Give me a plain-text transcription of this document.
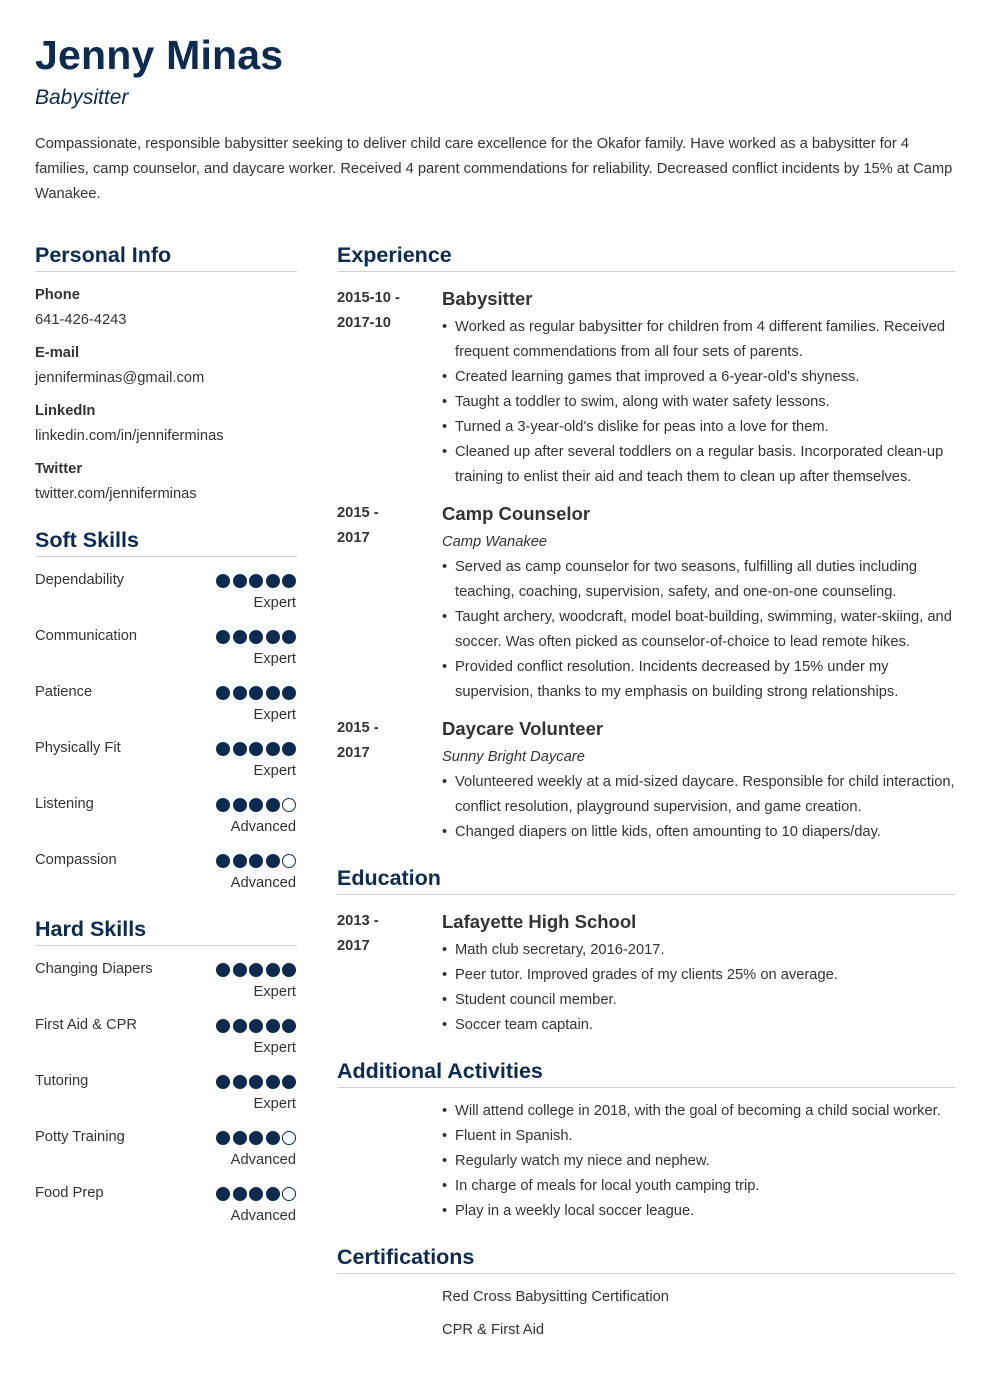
Jenny Minas
Babysitter
Compassionate, responsible babysitter seeking to deliver child care excellence for the Okafor family. Have worked as a babysitter for 4 families, camp counselor, and daycare worker. Received 4 parent commendations for reliability. Decreased conflict incidents by 15% at Camp Wanakee.
Personal Info
Phone
641-426-4243
E-mail
jenniferminas@gmail.com
LinkedIn
linkedin.com/in/jenniferminas
Twitter
twitter.com/jenniferminas
Soft Skills
Dependability
Expert
Communication
Expert
Patience
Expert
Physically Fit
Expert
Listening
Advanced
Compassion
Advanced
Hard Skills
Changing Diapers
Expert
First Aid & CPR
Expert
Tutoring
Expert
Potty Training
Advanced
Food Prep
Advanced
Experience
2015-10 -
2017-10
Babysitter
• Worked as regular babysitter for children from 4 different families. Received frequent commendations from all four sets of parents.
• Created learning games that improved a 6-year-old's shyness.
• Taught a toddler to swim, along with water safety lessons.
• Turned a 3-year-old's dislike for peas into a love for them.
• Cleaned up after several toddlers on a regular basis. Incorporated clean-up training to enlist their aid and teach them to clean up after themselves.
2015 -
2017
Camp Counselor
Camp Wanakee
• Served as camp counselor for two seasons, fulfilling all duties including teaching, coaching, supervision, safety, and one-on-one counseling.
• Taught archery, woodcraft, model boat-building, swimming, water-skiing, and soccer. Was often picked as counselor-of-choice to lead remote hikes.
• Provided conflict resolution. Incidents decreased by 15% under my supervision, thanks to my emphasis on building strong relationships.
2015 -
2017
Daycare Volunteer
Sunny Bright Daycare
• Volunteered weekly at a mid-sized daycare. Responsible for child interaction, conflict resolution, playground supervision, and game creation.
• Changed diapers on little kids, often amounting to 10 diapers/day.
Education
2013 -
2017
Lafayette High School
• Math club secretary, 2016-2017.
• Peer tutor. Improved grades of my clients 25% on average.
• Student council member.
• Soccer team captain.
Additional Activities
• Will attend college in 2018, with the goal of becoming a child social worker.
• Fluent in Spanish.
• Regularly watch my niece and nephew.
• In charge of meals for local youth camping trip.
• Play in a weekly local soccer league.
Certifications
Red Cross Babysitting Certification
CPR & First Aid
